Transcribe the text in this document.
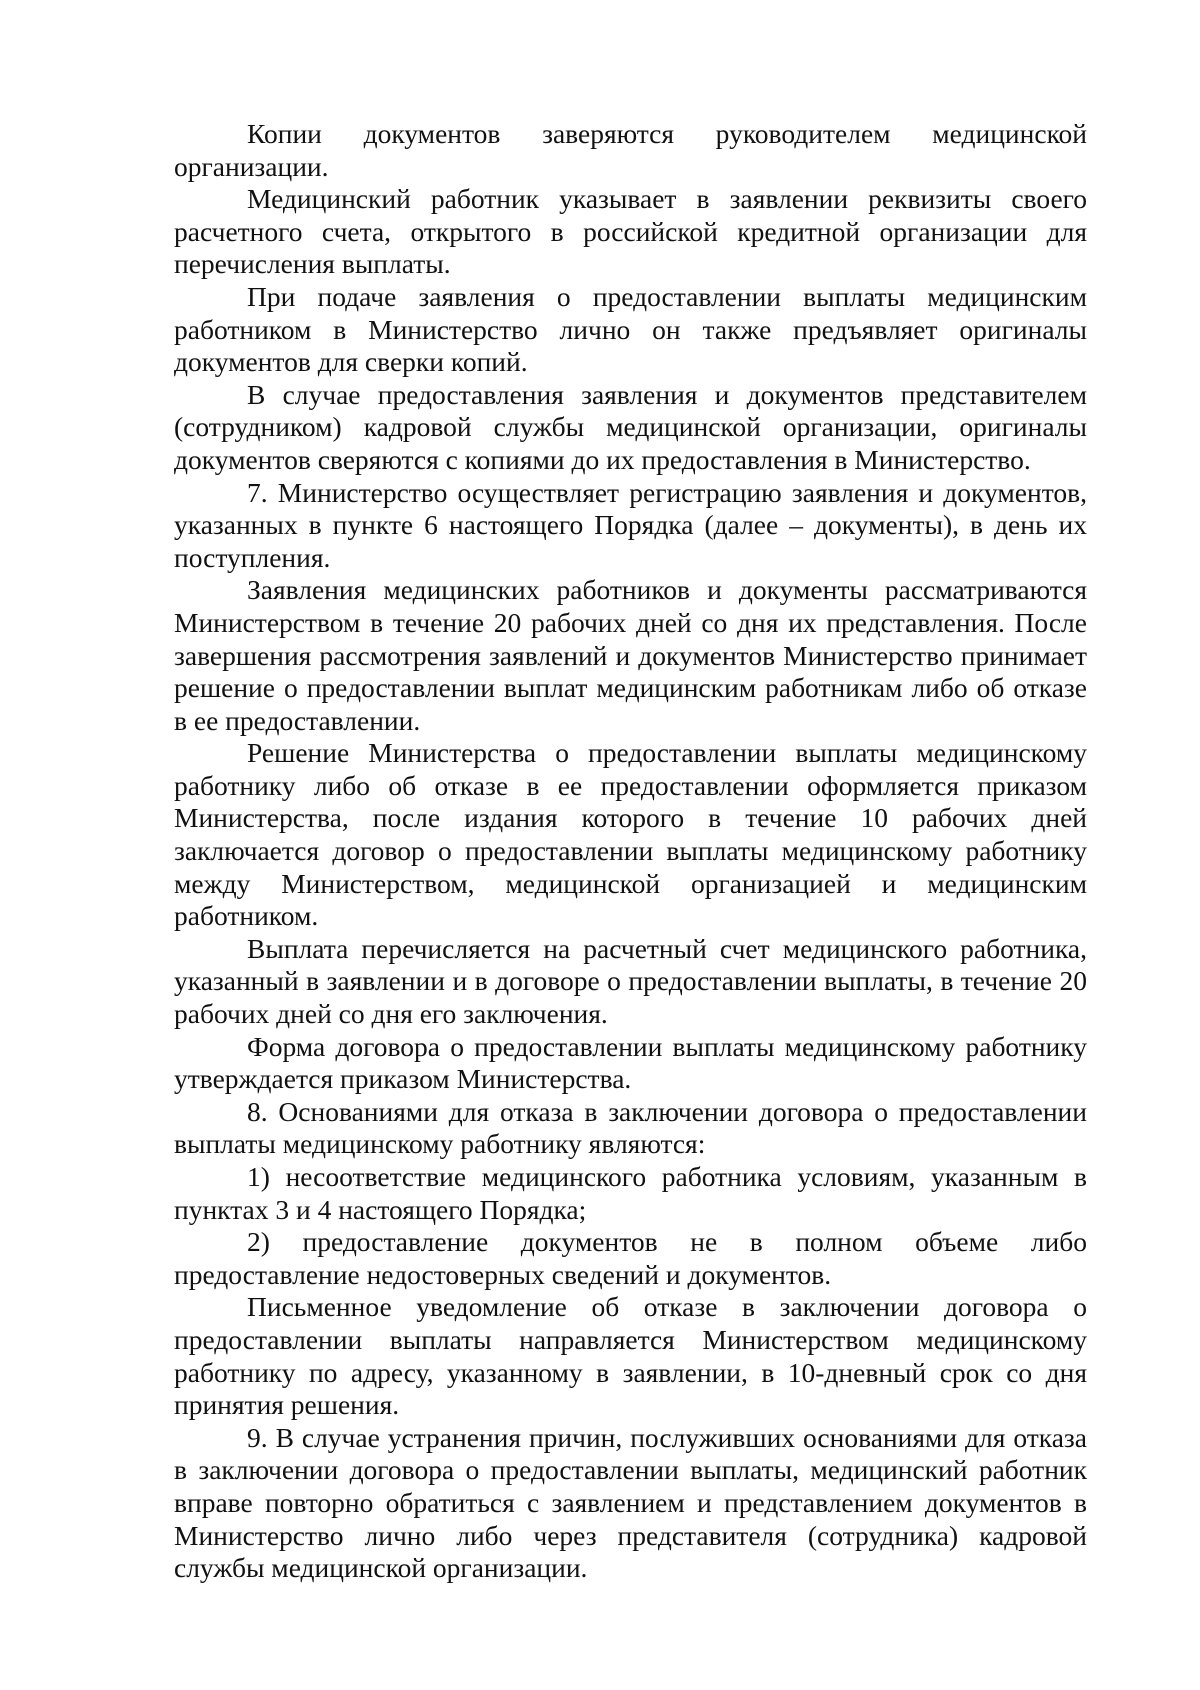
Копии документов заверяются руководителем медицинской организации.

Медицинский работник указывает в заявлении реквизиты своего расчетного счета, открытого в российской кредитной организации для перечисления выплаты.

При подаче заявления о предоставлении выплаты медицинским работником в Министерство лично он также предъявляет оригиналы документов для сверки копий.

В случае предоставления заявления и документов представителем (сотрудником) кадровой службы медицинской организации, оригиналы документов сверяются с копиями до их предоставления в Министерство.

7. Министерство осуществляет регистрацию заявления и документов, указанных в пункте 6 настоящего Порядка (далее – документы), в день их поступления.

Заявления медицинских работников и документы рассматриваются Министерством в течение 20 рабочих дней со дня их представления. После завершения рассмотрения заявлений и документов Министерство принимает решение о предоставлении выплат медицинским работникам либо об отказе в ее предоставлении.

Решение Министерства о предоставлении выплаты медицинскому работнику либо об отказе в ее предоставлении оформляется приказом Министерства, после издания которого в течение 10 рабочих дней заключается договор о предоставлении выплаты медицинскому работнику между Министерством, медицинской организацией и медицинским работником.

Выплата перечисляется на расчетный счет медицинского работника, указанный в заявлении и в договоре о предоставлении выплаты, в течение 20 рабочих дней со дня его заключения.

Форма договора о предоставлении выплаты медицинскому работнику утверждается приказом Министерства.

8. Основаниями для отказа в заключении договора о предоставлении выплаты медицинскому работнику являются:

1) несоответствие медицинского работника условиям, указанным в пунктах 3 и 4 настоящего Порядка;

2) предоставление документов не в полном объеме либо предоставление недостоверных сведений и документов.

Письменное уведомление об отказе в заключении договора о предоставлении выплаты направляется Министерством медицинскому работнику по адресу, указанному в заявлении, в 10-дневный срок со дня принятия решения.

9. В случае устранения причин, послуживших основаниями для отказа в заключении договора о предоставлении выплаты, медицинский работник вправе повторно обратиться с заявлением и представлением документов в Министерство лично либо через представителя (сотрудника) кадровой службы медицинской организации.
